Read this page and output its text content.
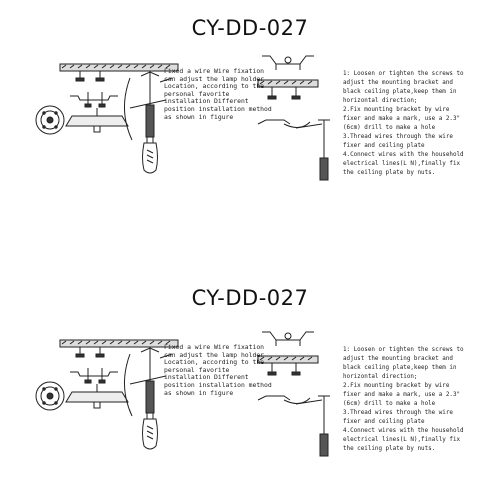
CY-DD-027
Fixed a wire Wire fixation can adjust the lamp holder Location, according to the personal favorite installation Different position installation method as shown in figure
1: Loosen or tighten the screws to adjust the mounting bracket and black ceiling plate,keep them in horizontal direction;
2.Fix mounting bracket by wire fixer and make a mark, use a 2.3" (6cm) drill to make a hole
3.Thread wires through the wire fixer and ceiling plate
4.Connect wires with the household electrical lines(L N),finally fix the ceiling plate by nuts.
CY-DD-027
Fixed a wire Wire fixation can adjust the lamp holder Location, according to the personal favorite installation Different position installation method as shown in figure
1: Loosen or tighten the screws to adjust the mounting bracket and black ceiling plate,keep them in horizontal direction;
2.Fix mounting bracket by wire fixer and make a mark, use a 2.3" (6cm) drill to make a hole
3.Thread wires through the wire fixer and ceiling plate
4.Connect wires with the household electrical lines(L N),finally fix the ceiling plate by nuts.
